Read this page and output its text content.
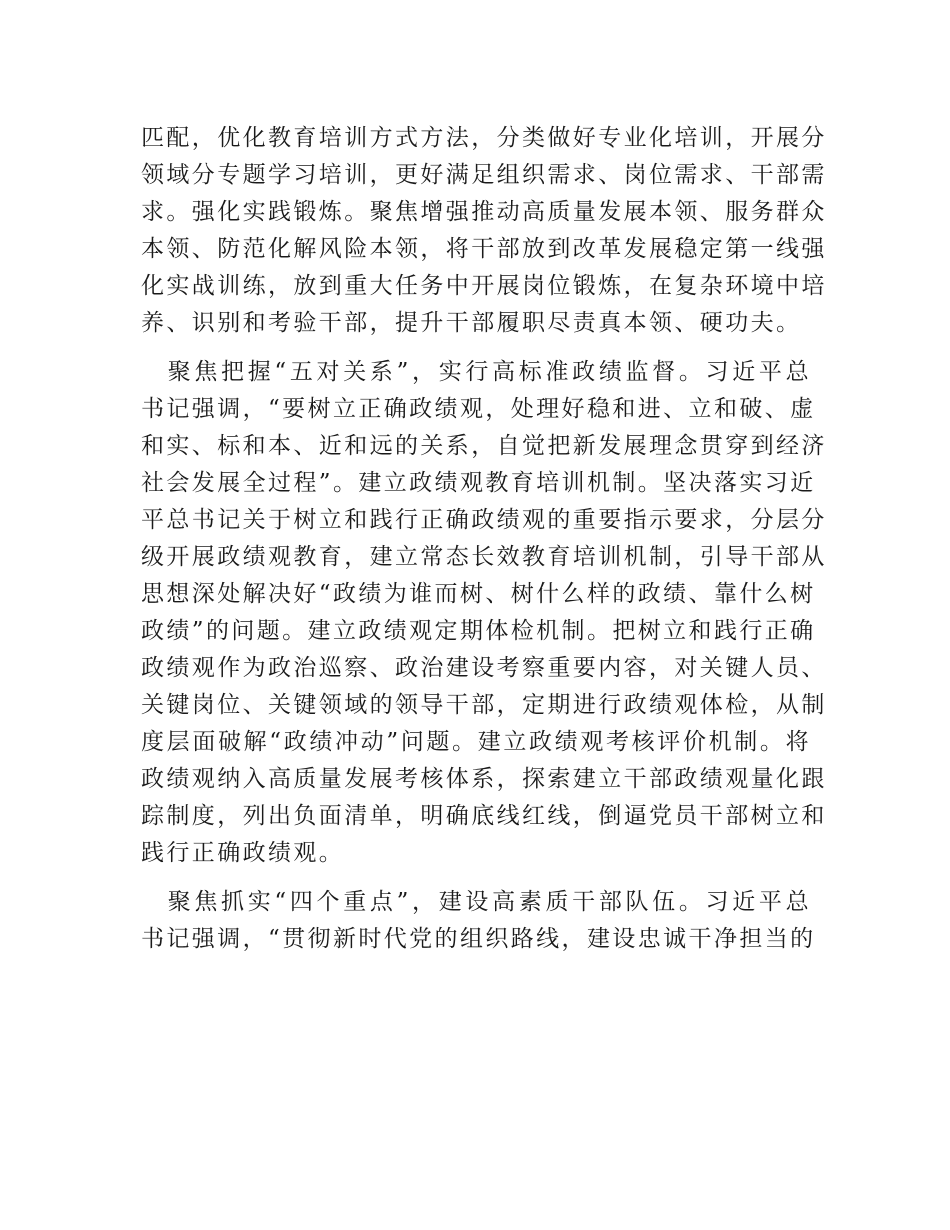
匹配，优化教育培训方式方法，分类做好专业化培训，开展分
领域分专题学习培训，更好满足组织需求、岗位需求、干部需
求。强化实践锻炼。聚焦增强推动高质量发展本领、服务群众
本领、防范化解风险本领，将干部放到改革发展稳定第一线强
化实战训练，放到重大任务中开展岗位锻炼，在复杂环境中培
养、识别和考验干部，提升干部履职尽责真本领、硬功夫。
　聚焦把握“五对关系”，实行高标准政绩监督。习近平总
书记强调，“要树立正确政绩观，处理好稳和进、立和破、虚
和实、标和本、近和远的关系，自觉把新发展理念贯穿到经济
社会发展全过程”。建立政绩观教育培训机制。坚决落实习近
平总书记关于树立和践行正确政绩观的重要指示要求，分层分
级开展政绩观教育，建立常态长效教育培训机制，引导干部从
思想深处解决好“政绩为谁而树、树什么样的政绩、靠什么树
政绩”的问题。建立政绩观定期体检机制。把树立和践行正确
政绩观作为政治巡察、政治建设考察重要内容，对关键人员、
关键岗位、关键领域的领导干部，定期进行政绩观体检，从制
度层面破解“政绩冲动”问题。建立政绩观考核评价机制。将
政绩观纳入高质量发展考核体系，探索建立干部政绩观量化跟
踪制度，列出负面清单，明确底线红线，倒逼党员干部树立和
践行正确政绩观。
　聚焦抓实“四个重点”，建设高素质干部队伍。习近平总
书记强调，“贯彻新时代党的组织路线，建设忠诚干净担当的
